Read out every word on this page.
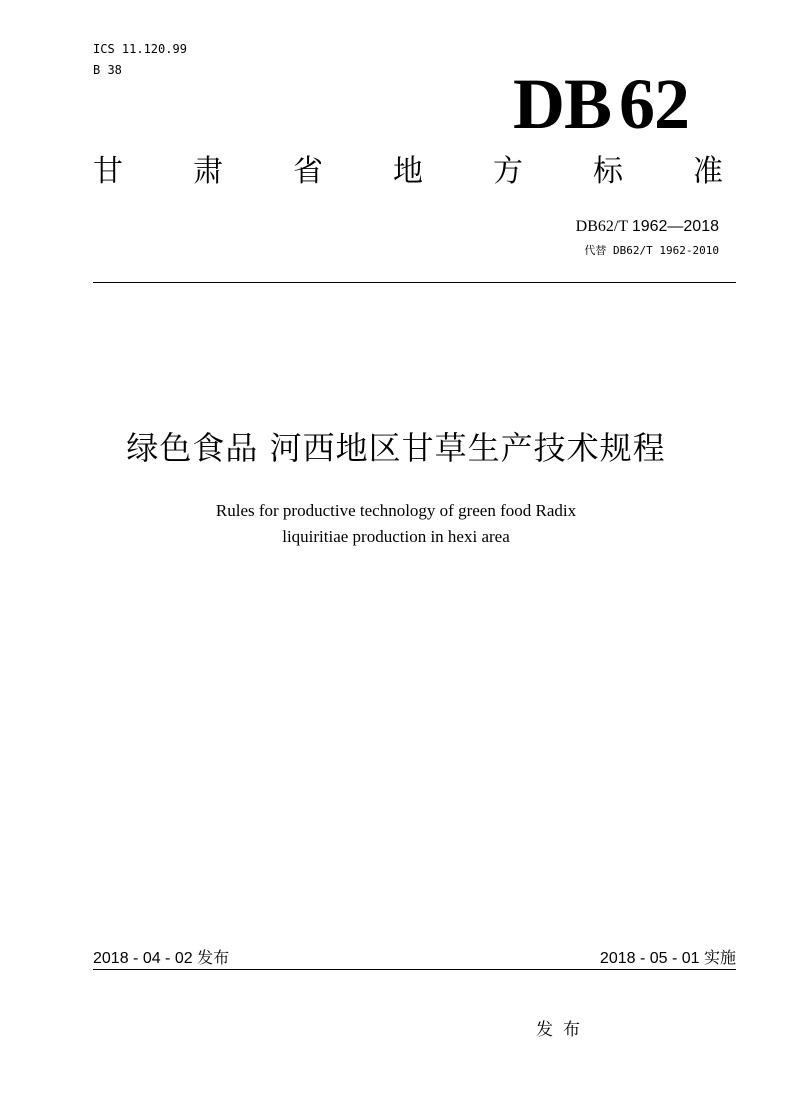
ICS 11.120.99
B 38	DB 62
甘 肃 省 地 方 标 准
DB62/T 1962—2018
代替 DB62/T 1962-2010
绿色食品 河西地区甘草生产技术规程
Rules for productive technology of green food Radix
liquiritiae production in hexi area
2018 - 04 - 02 发布	2018 - 05 - 01 实施
发布
